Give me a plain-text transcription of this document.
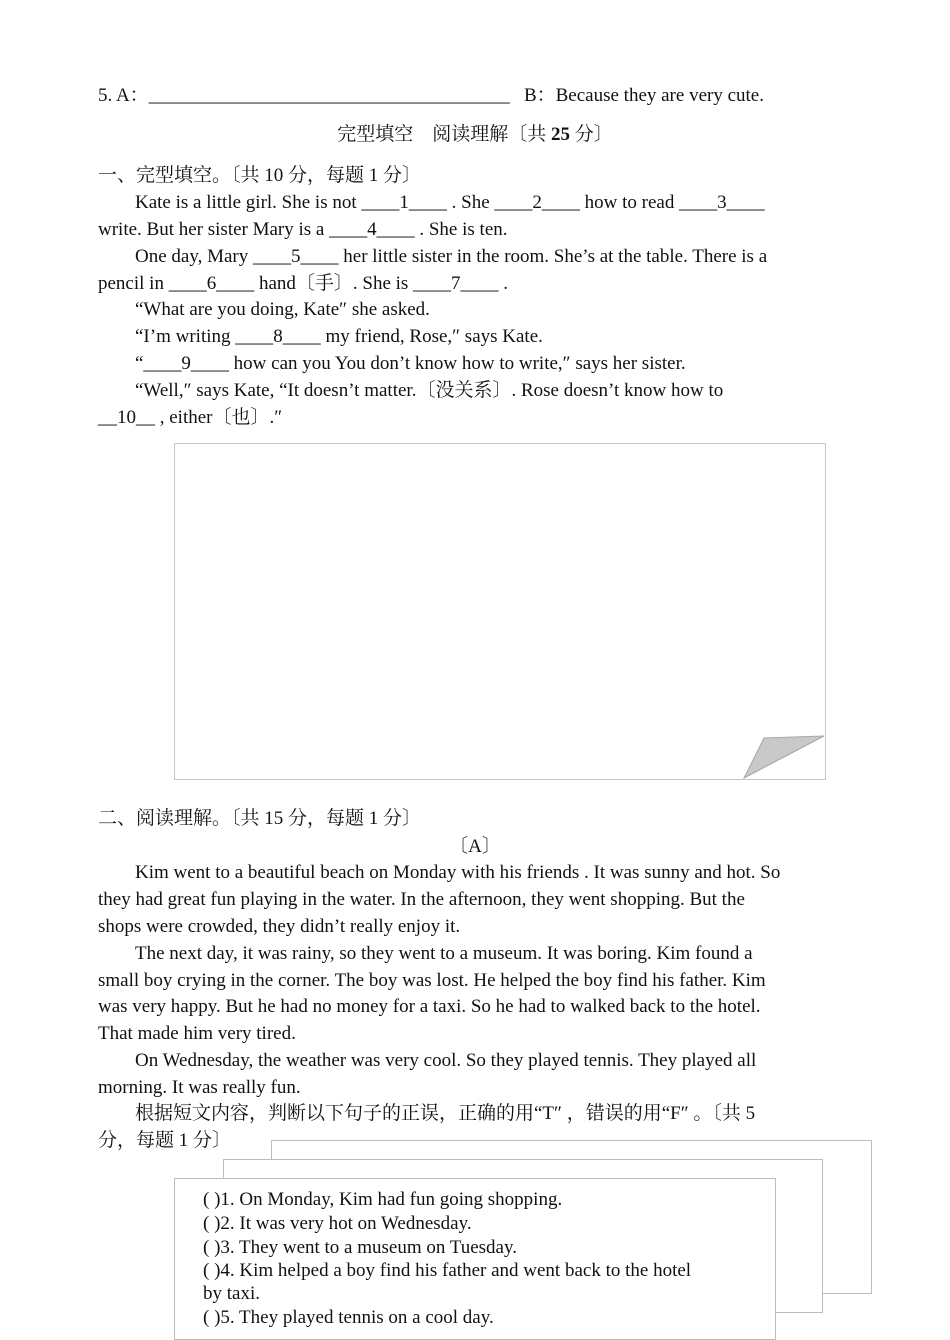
5. A：______________________________________ B：Because they are very cute.
完型填空　阅读理解〔共 25 分〕
一、完型填空。〔共 10 分，每题 1 分〕
Kate is a little girl. She is not ____1____ . She ____2____ how to read ____3____
write. But her sister Mary is a ____4____ . She is ten.
One day, Mary ____5____ her little sister in the room. She’s at the table. There is a
pencil in ____6____ hand〔手〕. She is ____7____ .
“What are you doing, Kate″ she asked.
“I’m writing ____8____ my friend, Rose,″ says Kate.
“____9____ how can you You don’t know how to write,″ says her sister.
“Well,″ says Kate, “It doesn’t matter.〔没关系〕. Rose doesn’t know how to
__10__ , either〔也〕.″
二、阅读理解。〔共 15 分，每题 1 分〕
〔A〕
Kim went to a beautiful beach on Monday with his friends . It was sunny and hot. So
they had great fun playing in the water. In the afternoon, they went shopping. But the
shops were crowded, they didn’t really enjoy it.
The next day, it was rainy, so they went to a museum. It was boring. Kim found a
small boy crying in the corner. The boy was lost. He helped the boy find his father. Kim
was very happy. But he had no money for a taxi. So he had to walked back to the hotel.
That made him very tired.
On Wednesday, the weather was very cool. So they played tennis. They played all
morning. It was really fun.
根据短文内容，判断以下句子的正误，正确的用“T″ ，错误的用“F″ 。〔共 5
分，每题 1 分〕
( )1. On Monday, Kim had fun going shopping.
( )2. It was very hot on Wednesday.
( )3. They went to a museum on Tuesday.
( )4. Kim helped a boy find his father and went back to the hotel
by taxi.
( )5. They played tennis on a cool day.
